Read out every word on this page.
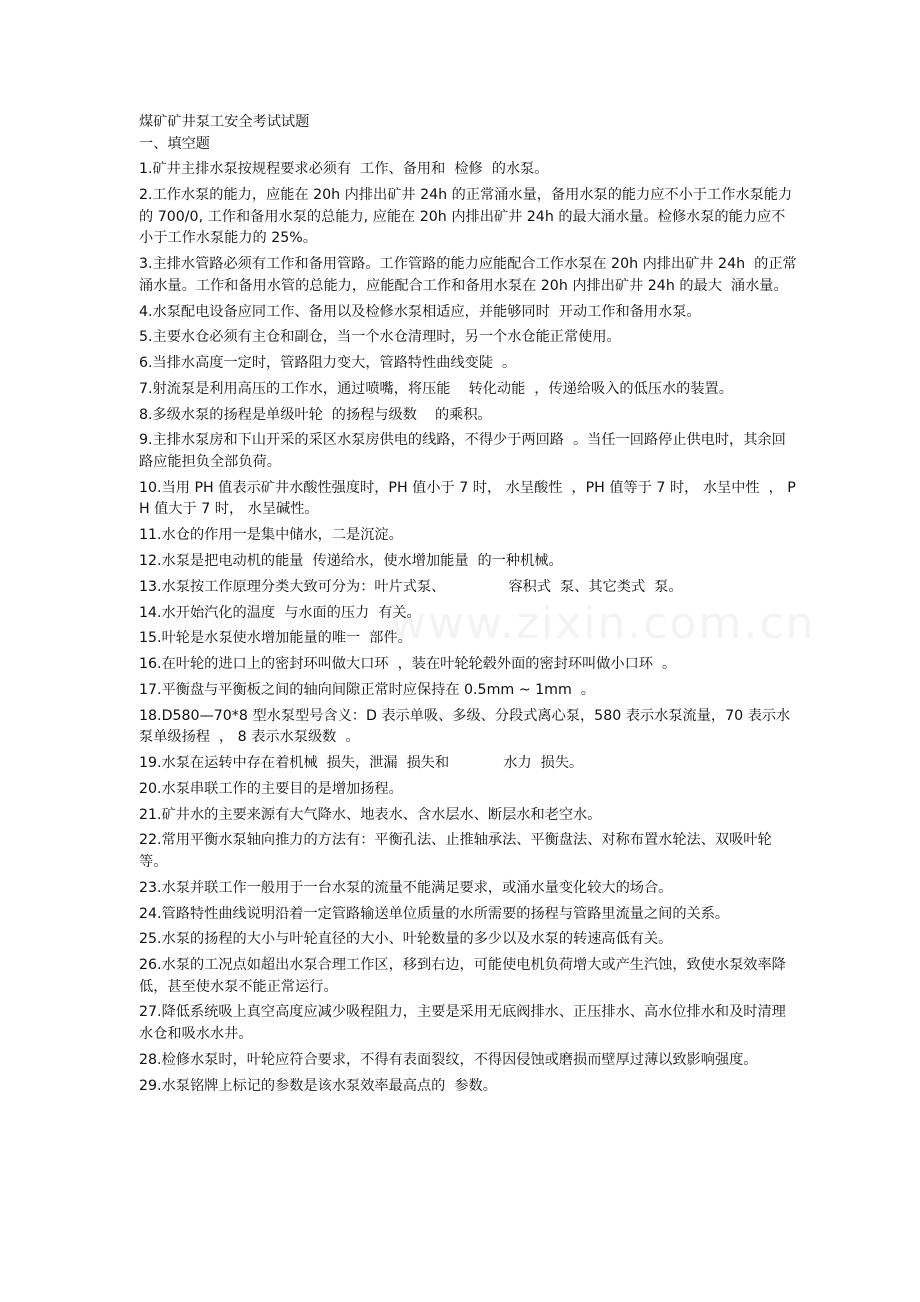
www.zixin.com.cn

煤矿矿井泵工安全考试试题

一、填空题

1.矿井主排水泵按规程要求必须有  工作、备用和  检修  的水泵。

2.工作水泵的能力，应能在 20h 内排出矿井 24h 的正常涌水量，备用水泵的能力应不小于工作水泵能力的 700/0, 工作和备用水泵的总能力, 应能在 20h 内排出矿井 24h 的最大涌水量。检修水泵的能力应不小于工作水泵能力的 25%。

3.主排水管路必须有工作和备用管路。工作管路的能力应能配合工作水泵在 20h 内排出矿井 24h  的正常涌水量。工作和备用水管的总能力，应能配合工作和备用水泵在 20h 内排出矿井 24h 的最大  涌水量。

4.水泵配电设备应同工作、备用以及检修水泵相适应，并能够同时  开动工作和备用水泵。

5.主要水仓必须有主仓和副仓，当一个水仓清理时，另一个水仓能正常使用。

6.当排水高度一定时，管路阻力变大，管路特性曲线变陡  。

7.射流泵是利用高压的工作水，通过喷嘴，将压能    转化动能  ，传递给吸入的低压水的装置。

8.多级水泵的扬程是单级叶轮  的扬程与级数    的乘积。

9.主排水泵房和下山开采的采区水泵房供电的线路，不得少于两回路  。当任一回路停止供电时，其余回路应能担负全部负荷。

10.当用 PH 值表示矿井水酸性强度时，PH 值小于 7 时， 水呈酸性  ，PH 值等于 7 时， 水呈中性  ， PH 值大于 7 时， 水呈碱性。

11.水仓的作用一是集中储水，二是沉淀。

12.水泵是把电动机的能量  传递给水，使水增加能量  的一种机械。

13.水泵按工作原理分类大致可分为：叶片式泵、              容积式  泵、其它类式  泵。

14.水开始汽化的温度  与水面的压力  有关。

15.叶轮是水泵使水增加能量的唯一  部件。

16.在叶轮的进口上的密封环叫做大口环  ，装在叶轮轮毂外面的密封环叫做小口环  。

17.平衡盘与平衡板之间的轴向间隙正常时应保持在 0.5mm ~ 1mm  。

18.D580—70*8 型水泵型号含义：D 表示单吸、多级、分段式离心泵，580 表示水泵流量，70 表示水泵单级扬程  ， 8 表示水泵级数  。

19.水泵在运转中存在着机械  损失，泄漏  损失和            水力  损失。

20.水泵串联工作的主要目的是增加扬程。

21.矿井水的主要来源有大气降水、地表水、含水层水、断层水和老空水。

22.常用平衡水泵轴向推力的方法有：平衡孔法、止推轴承法、平衡盘法、对称布置水轮法、双吸叶轮等。

23.水泵并联工作一般用于一台水泵的流量不能满足要求，或涌水量变化较大的场合。

24.管路特性曲线说明沿着一定管路输送单位质量的水所需要的扬程与管路里流量之间的关系。

25.水泵的扬程的大小与叶轮直径的大小、叶轮数量的多少以及水泵的转速高低有关。

26.水泵的工况点如超出水泵合理工作区，移到右边，可能使电机负荷增大或产生汽蚀，致使水泵效率降低，甚至使水泵不能正常运行。

27.降低系统吸上真空高度应减少吸程阻力，主要是采用无底阀排水、正压排水、高水位排水和及时清理水仓和吸水水井。

28.检修水泵时，叶轮应符合要求，不得有表面裂纹，不得因侵蚀或磨损而壁厚过薄以致影响强度。

29.水泵铭牌上标记的参数是该水泵效率最高点的  参数。
